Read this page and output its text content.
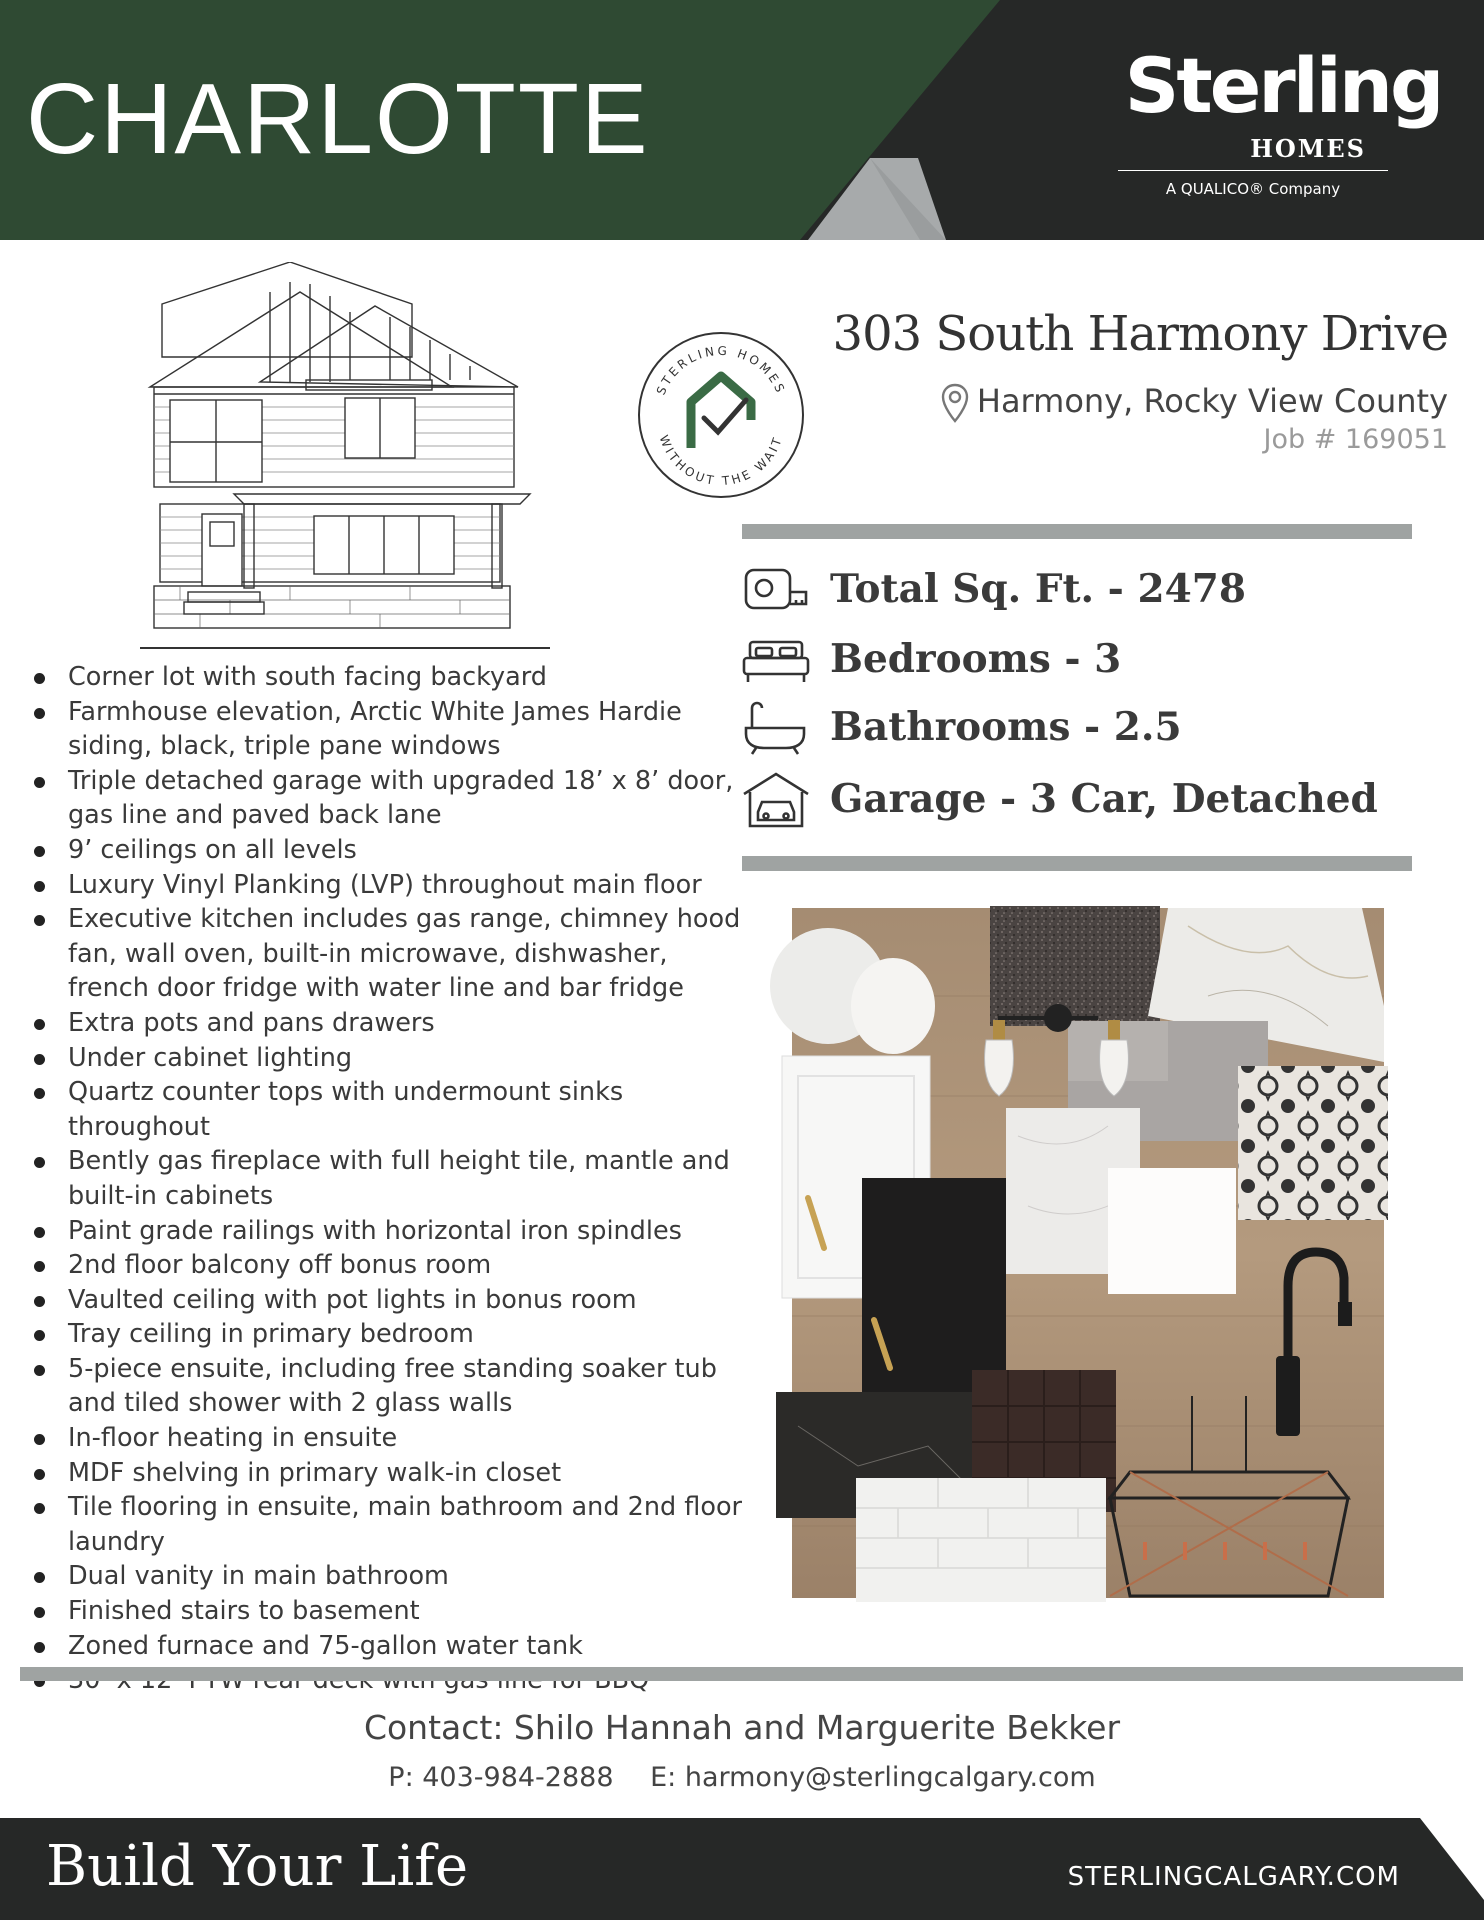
CHARLOTTE	Sterling
HOMES
A QUALICO® Company
STERLING HOMES
WITHOUT THE WAIT
303 South Harmony Drive
Harmony, Rocky View County
Job # 169051
Total Sq. Ft. - 2478
Bedrooms - 3
Bathrooms - 2.5
Garage - 3 Car, Detached
Corner lot with south facing backyard
Farmhouse elevation, Arctic White James Hardie siding, black, triple pane windows
Triple detached garage with upgraded 18’ x 8’ door, gas line and paved back lane
9’ ceilings on all levels
Luxury Vinyl Planking (LVP) throughout main floor
Executive kitchen includes gas range, chimney hood fan, wall oven, built-in microwave, dishwasher, french door fridge with water line and bar fridge
Extra pots and pans drawers
Under cabinet lighting
Quartz counter tops with undermount sinks throughout
Bently gas fireplace with full height tile, mantle and built-in cabinets
Paint grade railings with horizontal iron spindles
2nd floor balcony off bonus room
Vaulted ceiling with pot lights in bonus room
Tray ceiling in primary bedroom
5-piece ensuite, including free standing soaker tub and tiled shower with 2 glass walls
In-floor heating in ensuite
MDF shelving in primary walk-in closet
Tile flooring in ensuite, main bathroom and 2nd floor laundry
Dual vanity in main bathroom
Finished stairs to basement
Zoned furnace and 75-gallon water tank
Contact: Shilo Hannah and Marguerite Bekker
P: 403-984-2888 E: harmony@sterlingcalgary.com
Build Your Life	STERLINGCALGARY.COM
